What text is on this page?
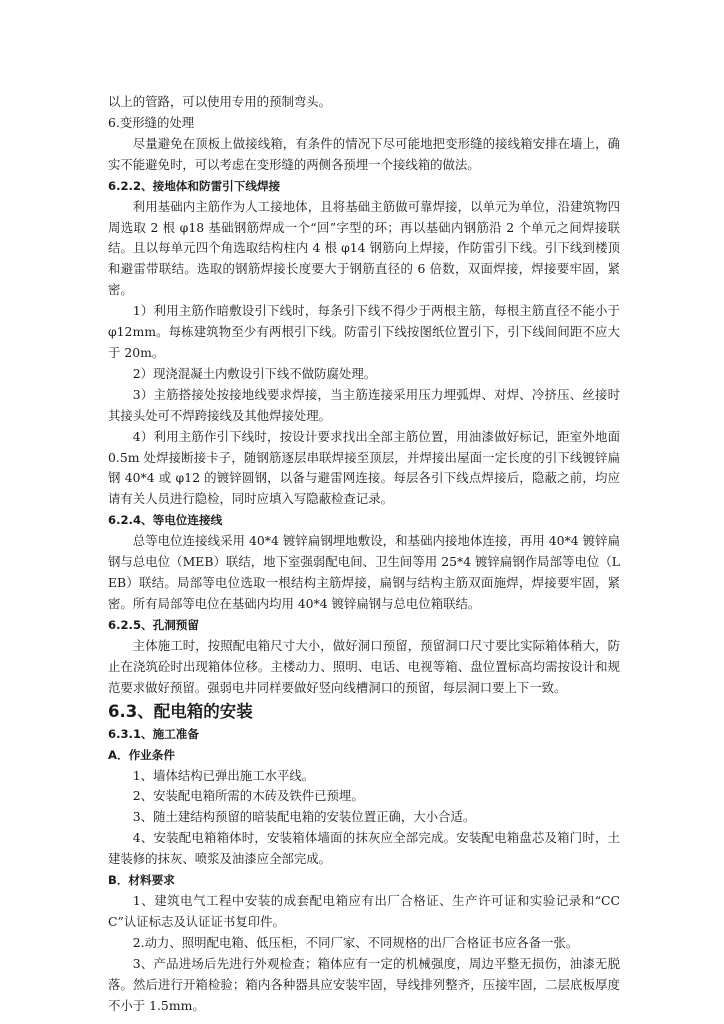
以上的管路，可以使用专用的预制弯头。

6.变形缝的处理

尽量避免在顶板上做接线箱，有条件的情况下尽可能地把变形缝的接线箱安排在墙上，确实不能避免时，可以考虑在变形缝的两侧各预埋一个接线箱的做法。

6.2.2、接地体和防雷引下线焊接

利用基础内主筋作为人工接地体，且将基础主筋做可靠焊接，以单元为单位，沿建筑物四周选取 2 根 φ18 基础钢筋焊成一个“回”字型的环；再以基础内钢筋沿 2 个单元之间焊接联结。且以每单元四个角选取结构柱内 4 根 φ14 钢筋向上焊接，作防雷引下线。引下线到楼顶和避雷带联结。选取的钢筋焊接长度要大于钢筋直径的 6 倍数，双面焊接，焊接要牢固，紧密。

1）利用主筋作暗敷设引下线时，每条引下线不得少于两根主筋，每根主筋直径不能小于 φ12mm。每栋建筑物至少有两根引下线。防雷引下线按图纸位置引下，引下线间间距不应大于 20m。

2）现浇混凝土内敷设引下线不做防腐处理。

3）主筋搭接处按接地线要求焊接，当主筋连接采用压力埋弧焊、对焊、冷挤压、丝接时其接头处可不焊跨接线及其他焊接处理。

4）利用主筋作引下线时，按设计要求找出全部主筋位置，用油漆做好标记，距室外地面 0.5m 处焊接断接卡子，随钢筋逐层串联焊接至顶层，并焊接出屋面一定长度的引下线镀锌扁钢 40*4 或 φ12 的镀锌圆钢，以备与避雷网连接。每层各引下线点焊接后，隐蔽之前，均应请有关人员进行隐检，同时应填入写隐蔽检查记录。

6.2.4、等电位连接线

总等电位连接线采用 40*4 镀锌扁钢埋地敷设，和基础内接地体连接，再用 40*4 镀锌扁钢与总电位（MEB）联结，地下室强弱配电间、卫生间等用 25*4 镀锌扁钢作局部等电位（LEB）联结。局部等电位选取一根结构主筋焊接，扁钢与结构主筋双面施焊，焊接要牢固，紧密。所有局部等电位在基础内均用 40*4 镀锌扁钢与总电位箱联结。

6.2.5、孔洞预留

主体施工时，按照配电箱尺寸大小，做好洞口预留，预留洞口尺寸要比实际箱体稍大，防止在浇筑砼时出现箱体位移。主楼动力、照明、电话、电视等箱、盘位置标高均需按设计和规范要求做好预留。强弱电井同样要做好竖向线槽洞口的预留，每层洞口要上下一致。

6.3、配电箱的安装
6.3.1、施工准备
A．作业条件

1、墙体结构已弹出施工水平线。

2、安装配电箱所需的木砖及铁件已预埋。

3、随土建结构预留的暗装配电箱的安装位置正确，大小合适。

4、安装配电箱箱体时，安装箱体墙面的抹灰应全部完成。安装配电箱盘芯及箱门时，土建装修的抹灰、喷浆及油漆应全部完成。

B．材料要求

1、建筑电气工程中安装的成套配电箱应有出厂合格证、生产许可证和实验记录和“CCC”认证标志及认证证书复印件。

2.动力、照明配电箱、低压柜，不同厂家、不同规格的出厂合格证书应各备一张。

3、产品进场后先进行外观检查；箱体应有一定的机械强度，周边平整无损伤，油漆无脱落。然后进行开箱检验；箱内各种器具应安装牢固，导线排列整齐，压接牢固，二层底板厚度不小于 1.5mm。
